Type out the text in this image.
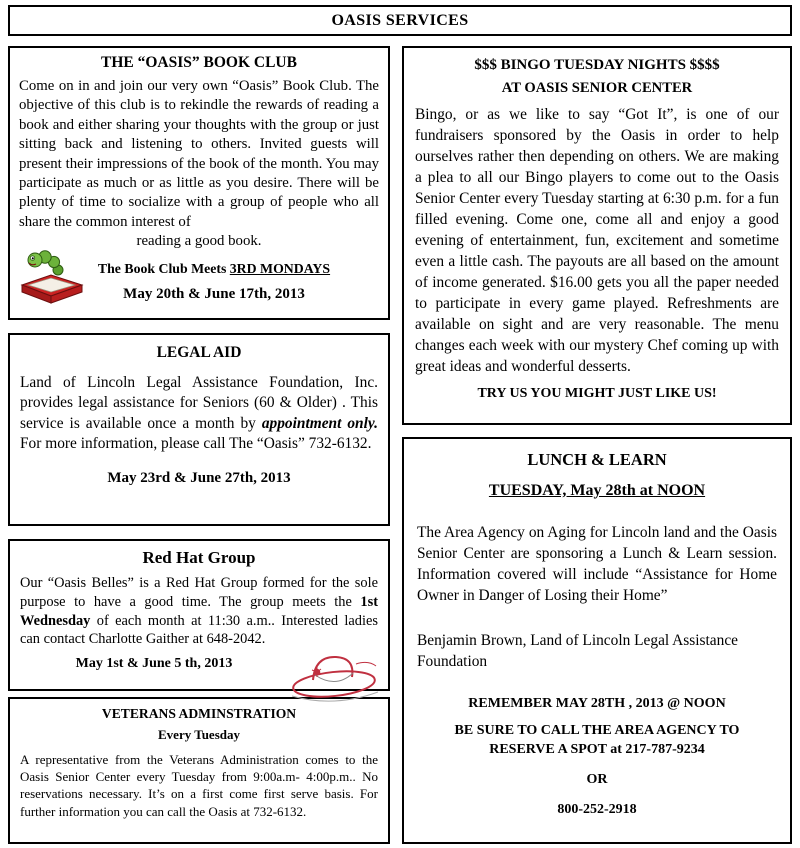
OASIS SERVICES
THE “OASIS” BOOK CLUB
Come on in and join our very own “Oasis” Book Club. The objective of this club is to rekindle the rewards of reading a book and either sharing your thoughts with the group or just sitting back and listening to others. Invited guests will present their impressions of the book of the month. You may participate as much or as little as you desire. There will be plenty of time to socialize with a group of people who all share the common interest of
reading a good book.
The Book Club Meets 3RD MONDAYS
May 20th & June 17th, 2013
LEGAL AID
Land of Lincoln Legal Assistance Foundation, Inc. provides legal assistance for Seniors (60 & Older) . This service is available once a month by appointment only. For more information, please call The “Oasis” 732-6132.
May 23rd & June 27th, 2013
Red Hat Group
Our “Oasis Belles” is a Red Hat Group formed for the sole purpose to have a good time. The group meets the 1st Wednesday of each month at 11:30 a.m.. Interested ladies can contact Charlotte Gaither at 648-2042.
May 1st & June 5 th, 2013
VETERANS ADMINSTRATION
Every Tuesday
A representative from the Veterans Administration comes to the Oasis Senior Center every Tuesday from 9:00a.m- 4:00p.m.. No reservations necessary. It’s on a first come first serve basis. For further information you can call the Oasis at 732-6132.
$$$ BINGO TUESDAY NIGHTS $$$$
AT OASIS SENIOR CENTER
Bingo, or as we like to say “Got It”, is one of our fundraisers sponsored by the Oasis in order to help ourselves rather then depending on others. We are making a plea to all our Bingo players to come out to the Oasis Senior Center every Tuesday starting at 6:30 p.m. for a fun filled evening. Come one, come all and enjoy a good evening of entertainment, fun, excitement and sometime even a little cash. The payouts are all based on the amount of income generated. $16.00 gets you all the paper needed to participate in every game played. Refreshments are available on sight and are very reasonable. The menu changes each week with our mystery Chef coming up with great ideas and wonderful desserts.
TRY US YOU MIGHT JUST LIKE US!
LUNCH & LEARN
TUESDAY, May 28th at NOON
The Area Agency on Aging for Lincoln land and the Oasis Senior Center are sponsoring a Lunch & Learn session. Information covered will include “Assistance for Home Owner in Danger of Losing their Home”
Benjamin Brown, Land of Lincoln Legal Assistance Foundation
REMEMBER MAY 28TH , 2013 @ NOON
BE SURE TO CALL THE AREA AGENCY TO
RESERVE A SPOT at 217-787-9234
OR
800-252-2918
